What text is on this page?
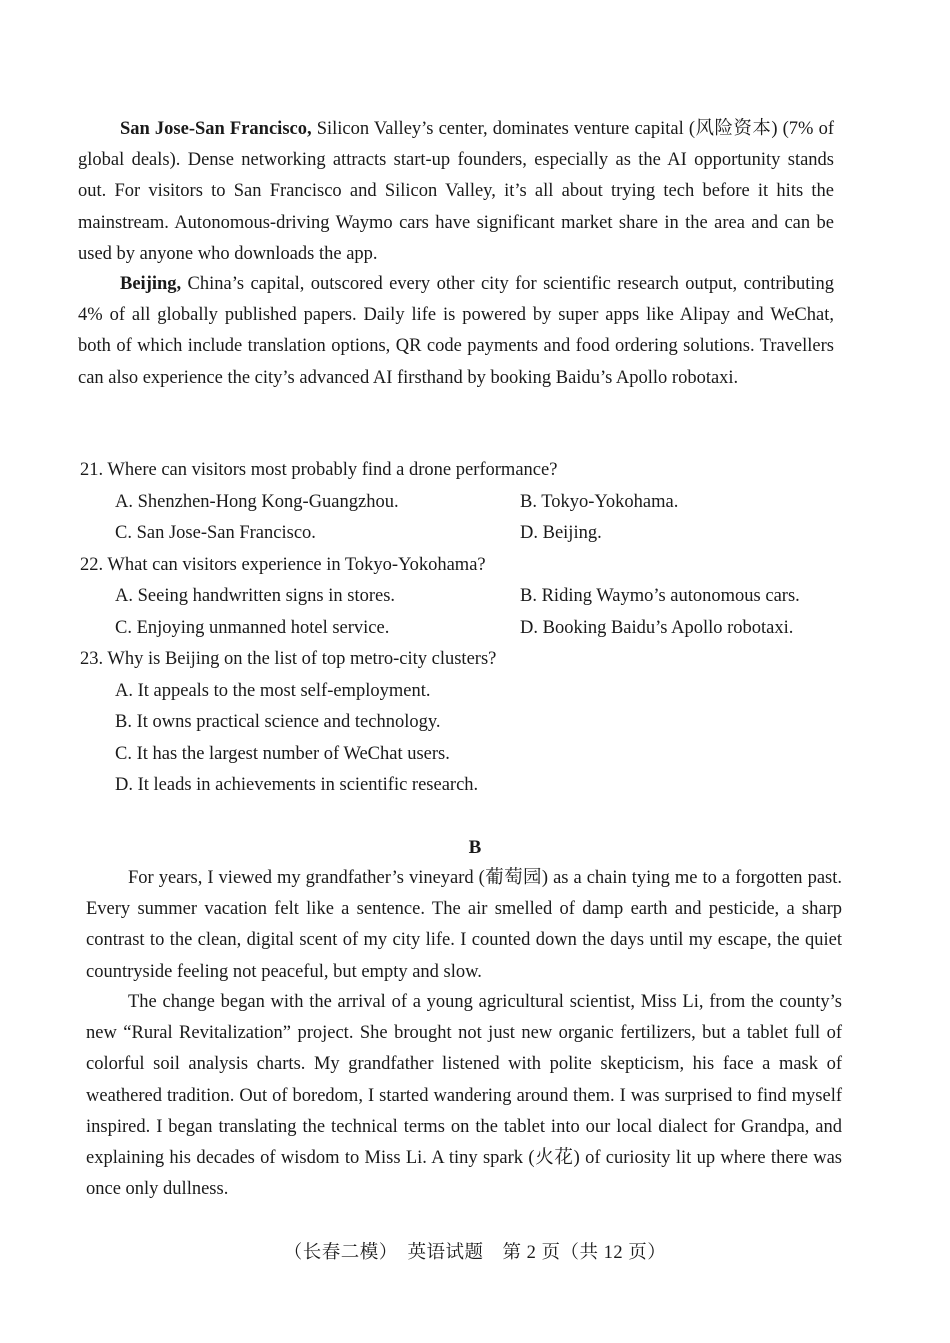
San Jose-San Francisco, Silicon Valley’s center, dominates venture capital (风险资本) (7% of global deals). Dense networking attracts start-up founders, especially as the AI opportunity stands out. For visitors to San Francisco and Silicon Valley, it’s all about trying tech before it hits the mainstream. Autonomous-driving Waymo cars have significant market share in the area and can be used by anyone who downloads the app.

Beijing, China’s capital, outscored every other city for scientific research output, contributing 4% of all globally published papers. Daily life is powered by super apps like Alipay and WeChat, both of which include translation options, QR code payments and food ordering solutions. Travellers can also experience the city’s advanced AI firsthand by booking Baidu’s Apollo robotaxi.

21. Where can visitors most probably find a drone performance?

A. Shenzhen-Hong Kong-Guangzhou.	B. Tokyo-Yokohama.

C. San Jose-San Francisco.	D. Beijing.

22. What can visitors experience in Tokyo-Yokohama?

A. Seeing handwritten signs in stores.	B. Riding Waymo’s autonomous cars.

C. Enjoying unmanned hotel service.	D. Booking Baidu’s Apollo robotaxi.

23. Why is Beijing on the list of top metro-city clusters?

A. It appeals to the most self-employment.

B. It owns practical science and technology.

C. It has the largest number of WeChat users.

D. It leads in achievements in scientific research.

B

For years, I viewed my grandfather’s vineyard (葡萄园) as a chain tying me to a forgotten past. Every summer vacation felt like a sentence. The air smelled of damp earth and pesticide, a sharp contrast to the clean, digital scent of my city life. I counted down the days until my escape, the quiet countryside feeling not peaceful, but empty and slow.

The change began with the arrival of a young agricultural scientist, Miss Li, from the county’s new “Rural Revitalization” project. She brought not just new organic fertilizers, but a tablet full of colorful soil analysis charts. My grandfather listened with polite skepticism, his face a mask of weathered tradition. Out of boredom, I started wandering around them. I was surprised to find myself inspired. I began translating the technical terms on the tablet into our local dialect for Grandpa, and explaining his decades of wisdom to Miss Li. A tiny spark (火花) of curiosity lit up where there was once only dullness.

（长春二模）　英语试题　第 2 页（共 12 页）
